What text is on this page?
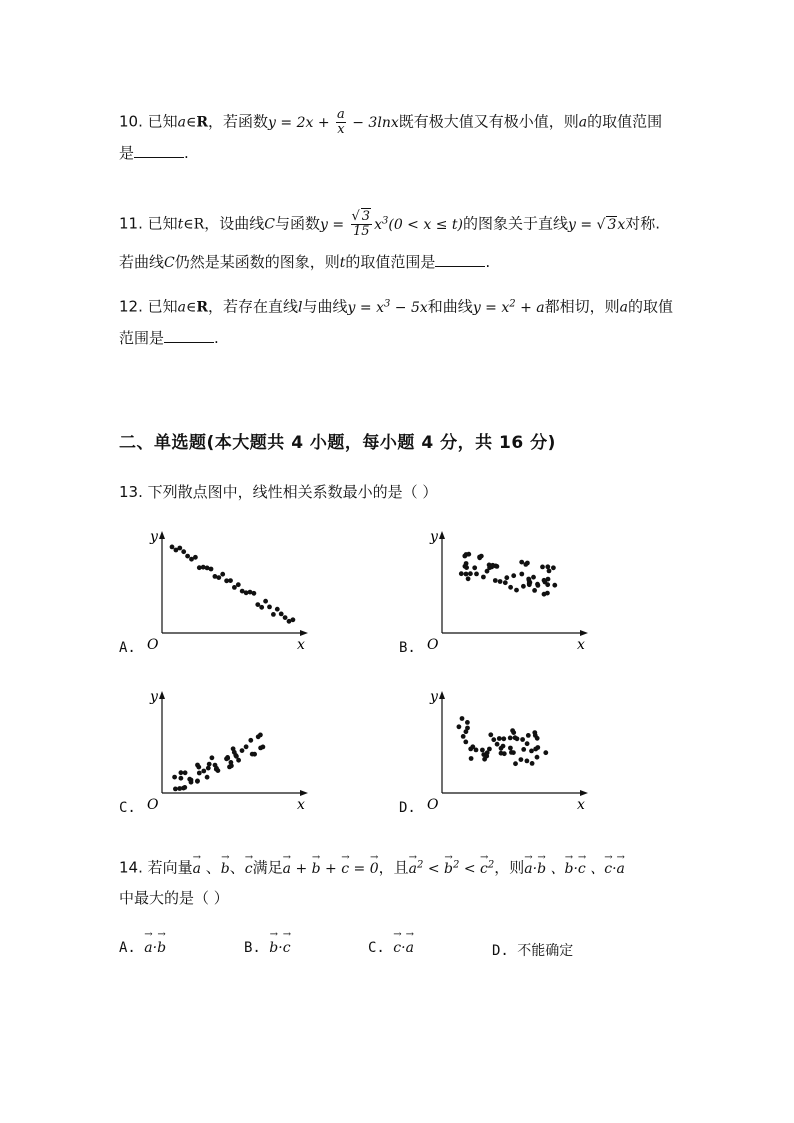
10. 已知a∈R，若函数$y = 2x + \frac{a}{x} - 3\ln x$既有极大值又有极小值，则a的取值范围
是	.
11. 已知t∈R，设曲线C与函数$y = \frac{√ 3}{15} x^3(0 < x \le t)$的图象关于直线y = √ 3x对称.
若曲线C仍然是某函数的图象，则t的取值范围是	.
12. 已知a∈R，若存在直线l与曲线$y = x^3 - 5x$和曲线$y = x^2 + a$都相切，则a的取值
范围是	.
二、单选题(本大题共 4 小题，每小题 4 分，共 16 分)
13. 下列散点图中，线性相关系数最小的是（ ）
x
y
O	x
y
O
x
y
O	x
y
O
A.	B.
C.	D.
14. 若向量→ a 、→ b、→ c满足→ a + → b + → c = → 0，且→ $a^2$ < → $b^2$ < → $c^2$，则→ a·→ b 、→ b·→ c 、→ c·→ a
中最大的是（ ）
A. → a·→ b	B. → b·→ c	C. → c·→ a	D. 不能确定
